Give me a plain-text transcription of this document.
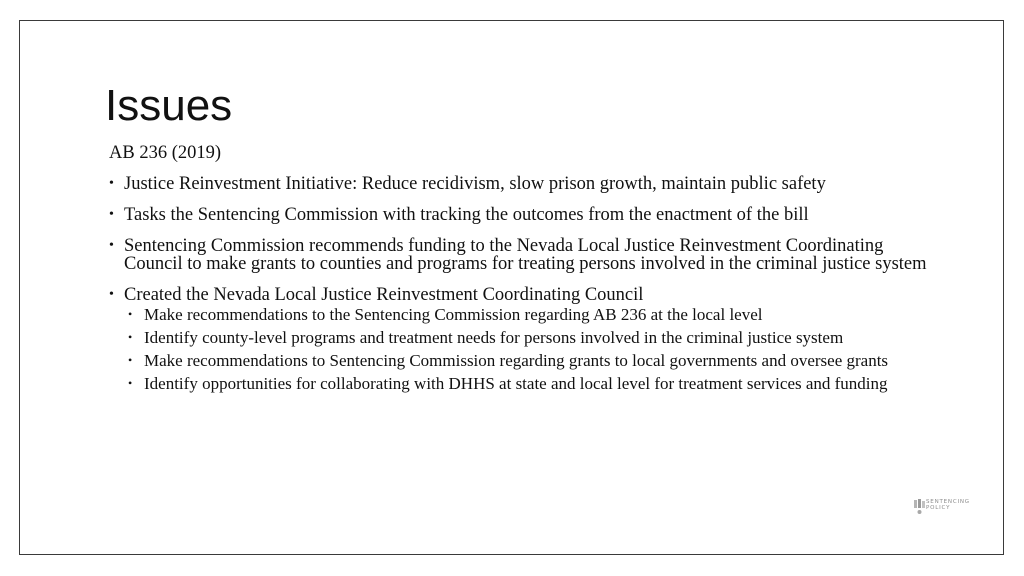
Issues

AB 236 (2019)

• Justice Reinvestment Initiative: Reduce recidivism, slow prison growth, maintain public safety
• Tasks the Sentencing Commission with tracking the outcomes from the enactment of the bill
• Sentencing Commission recommends funding to the Nevada Local Justice Reinvestment Coordinating Council to make grants to counties and programs for treating persons involved in the criminal justice system
• Created the Nevada Local Justice Reinvestment Coordinating Council
• Make recommendations to the Sentencing Commission regarding AB 236 at the local level
• Identify county-level programs and treatment needs for persons involved in the criminal justice system
• Make recommendations to Sentencing Commission regarding grants to local governments and oversee grants
• Identify opportunities for collaborating with DHHS at state and local level for treatment services and funding
SENTENCING
POLICY
